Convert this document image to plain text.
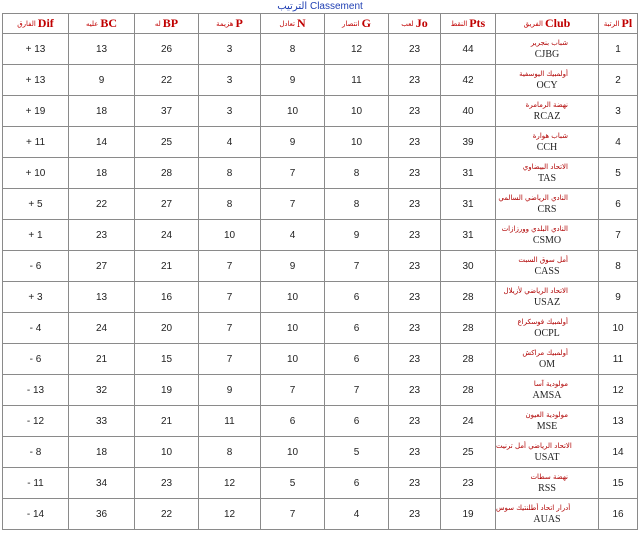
الترتيب Classement
الفارق Dif	عليه BC	له BP	هزيمة P	تعادل N	انتصار G	لعب Jo	النقط Pts	الفريق Club	الرتبة Pl

+ 13	13	26	3	8	12	23	44	شباب بنجرير
CJBG	1
+ 13	9	22	3	9	11	23	42	أولمبيك اليوسفية
OCY	2
+ 19	18	37	3	10	10	23	40	نهضة الرمامرة
RCAZ	3
+ 11	14	25	4	9	10	23	39	شباب هوارة
CCH	4
+ 10	18	28	8	7	8	23	31	الاتحاد البيضاوي
TAS	5
+ 5	22	27	8	7	8	23	31	النادي الرياضي السالمي
CRS	6
+ 1	23	24	10	4	9	23	31	النادي البلدي وورزازات
CSMO	7
- 6	27	21	7	9	7	23	30	أمل سوق السبت
CASS	8
+ 3	13	16	7	10	6	23	28	الاتحاد الرياضي لأزيلال
USAZ	9
- 4	24	20	7	10	6	23	28	أولمبيك فوسكراع
OCPL	10
- 6	21	15	7	10	6	23	28	أولمبيك مراكش
OM	11
- 13	32	19	9	7	7	23	28	مولودية آسا
AMSA	12
- 12	33	21	11	6	6	23	24	مولودية العيون
MSE	13
- 8	18	10	8	10	5	23	25	الاتحاد الرياضي أمل ترنيت
USAT	14
- 11	34	23	12	5	6	23	23	نهضة سطات
RSS	15
- 14	36	22	12	7	4	23	19	أدرار اتحاد أطلنتيك سوس
AUAS	16
